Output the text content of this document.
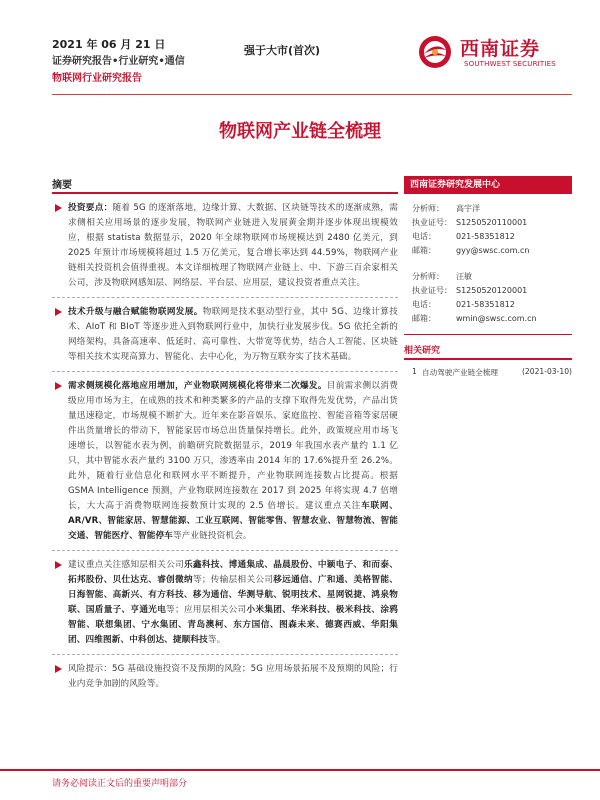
2021 年 06 月 21 日
证券研究报告•行业研究•通信
物联网行业研究报告
强于大市(首次)	西南证券
SOUTHWEST SECURITIES
物联网产业链全梳理
摘要
投资要点：随着 5G 的逐渐落地，边缘计算、大数据、区块链等技术的逐渐成熟，需求侧相关应用场景的逐步发展，物联网产业链进入发展黄金期并逐步体现出规模效应，根据 statista 数据显示，2020 年全球物联网市场规模达到 2480 亿美元，到 2025 年预计市场规模将超过 1.5 万亿美元，复合增长率达到 44.59%，物联网产业链相关投资机会值得重视。本文详细梳理了物联网产业链上、中、下游三百余家相关公司，涉及物联网感知层、网络层、平台层、应用层，建议投资者重点关注。
技术升级与融合赋能物联网发展。物联网是技术驱动型行业，其中 5G、边缘计算技术、AIoT 和 BIoT 等逐步进入到物联网行业中，加快行业发展步伐。5G 依托全新的网络架构，具备高速率、低延时、高可靠性、大带宽等优势，结合人工智能、区块链等相关技术实现高算力、智能化、去中心化，为万物互联夯实了技术基础。
需求侧规模化落地应用增加，产业物联网规模化将带来二次爆发。目前需求侧以消费级应用市场为主，在成熟的技术和种类繁多的产品的支撑下取得先发优势，产品出货量迅速稳定，市场规模不断扩大。近年来在影音娱乐、家庭监控、智能音箱等家居硬件出货量增长的带动下，智能家居市场总出货量保持增长。此外，政策规应用市场飞速增长，以智能水表为例，前瞻研究院数据显示，2019 年我国水表产量约 1.1 亿只，其中智能水表产量约 3100 万只，渗透率由 2014 年的 17.6%提升至 26.2%。此外，随着行业信息化和联网水平不断提升，产业物联网连接数占比提高。根据 GSMA Intelligence 预测，产业物联网连接数在 2017 到 2025 年将实现 4.7 倍增长，大大高于消费物联网连接数预计实现的 2.5 倍增长。建议重点关注车联网、AR/VR、智能家居、智慧能源、工业互联网、智能零售、智慧农业、智慧物流、智能交通、智能医疗、智能停车等产业链投资机会。
建议重点关注感知层相关公司乐鑫科技、博通集成、晶晨股份、中颖电子、和而泰、拓邦股份、贝仕达克、睿创微纳等；传输层相关公司移远通信、广和通、美格智能、日海智能、高新兴、有方科技、移为通信、华测导航、锐明技术、星网锐捷、鸿泉物联、国盾量子、亨通光电等；应用层相关公司小米集团、华米科技、极米科技、涂鸦智能、联想集团、宁水集团、青岛澳柯、东方国信、图森未来、德赛西威、华阳集团、四维图新、中科创达、捷顺科技等。
风险提示：5G 基础设施投资不及预期的风险；5G 应用场景拓展不及预期的风险；行业内竞争加剧的风险等。
西南证券研究发展中心
分析师：	高宇洋
执业证号： S1250520110001
电话：	021-58351812
邮箱：	gyy@swsc.com.cn
分析师：	汪敏
执业证号： S1250520120001
电话：	021-58351812
邮箱：	wmin@swsc.com.cn
相关研究
1 自动驾驶产业链全梳理	(2021-03-10)
请务必阅读正文后的重要声明部分
